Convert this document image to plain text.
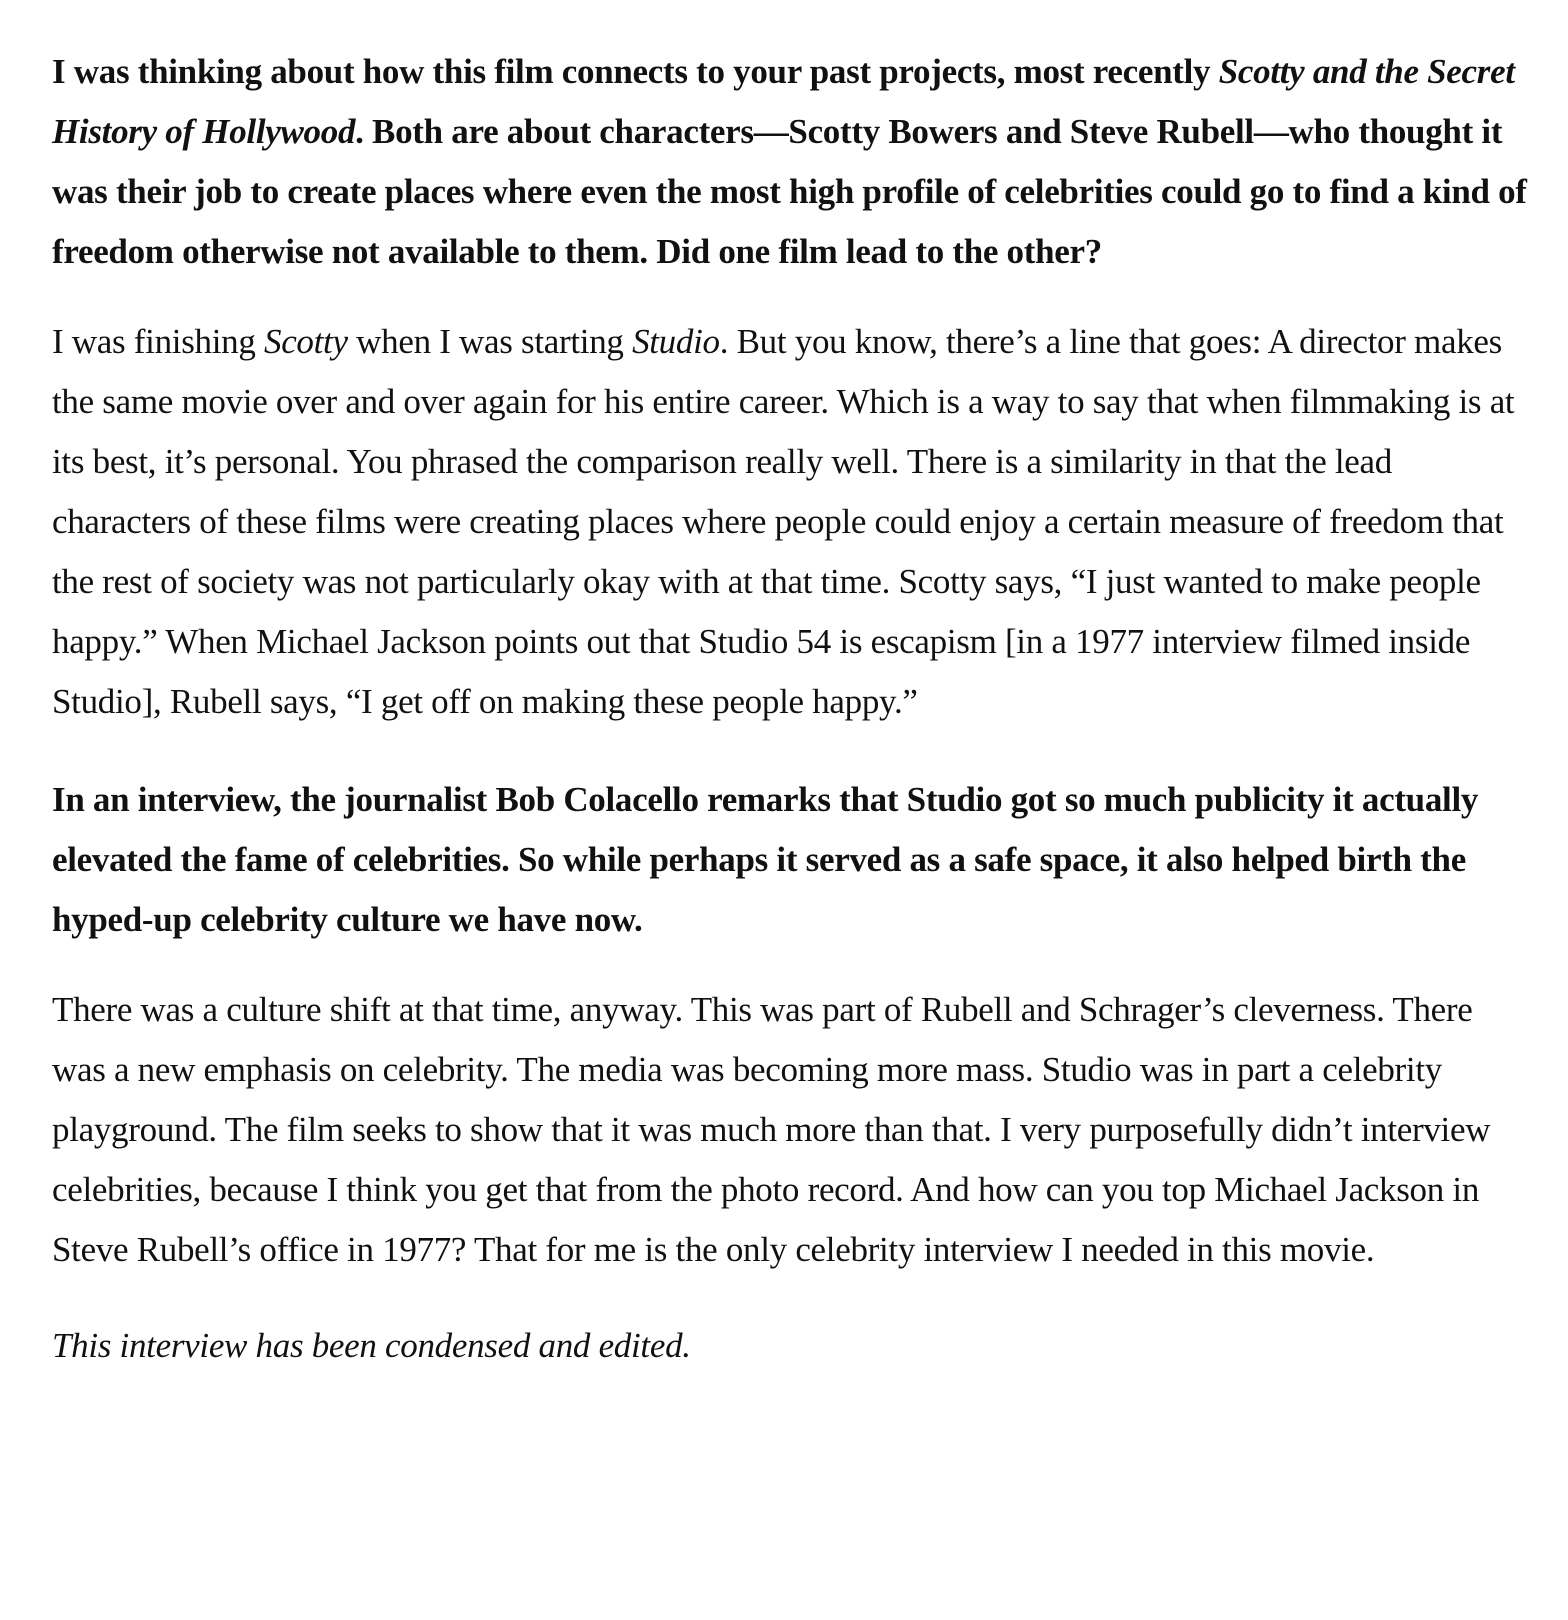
I was thinking about how this film connects to your past projects, most recently Scotty and the Secret History of Hollywood. Both are about characters—Scotty Bowers and Steve Rubell—who thought it was their job to create places where even the most high profile of celebrities could go to find a kind of freedom otherwise not available to them. Did one film lead to the other?

I was finishing Scotty when I was starting Studio. But you know, there’s a line that goes: A director makes the same movie over and over again for his entire career. Which is a way to say that when filmmaking is at its best, it’s personal. You phrased the comparison really well. There is a similarity in that the lead characters of these films were creating places where people could enjoy a certain measure of freedom that the rest of society was not particularly okay with at that time. Scotty says, “I just wanted to make people happy.” When Michael Jackson points out that Studio 54 is escapism [in a 1977 interview filmed inside Studio], Rubell says, “I get off on making these people happy.”

In an interview, the journalist Bob Colacello remarks that Studio got so much publicity it actually elevated the fame of celebrities. So while perhaps it served as a safe space, it also helped birth the hyped-up celebrity culture we have now.

There was a culture shift at that time, anyway. This was part of Rubell and Schrager’s cleverness. There was a new emphasis on celebrity. The media was becoming more mass. Studio was in part a celebrity playground. The film seeks to show that it was much more than that. I very purposefully didn’t interview celebrities, because I think you get that from the photo record. And how can you top Michael Jackson in Steve Rubell’s office in 1977? That for me is the only celebrity interview I needed in this movie.

This interview has been condensed and edited.
